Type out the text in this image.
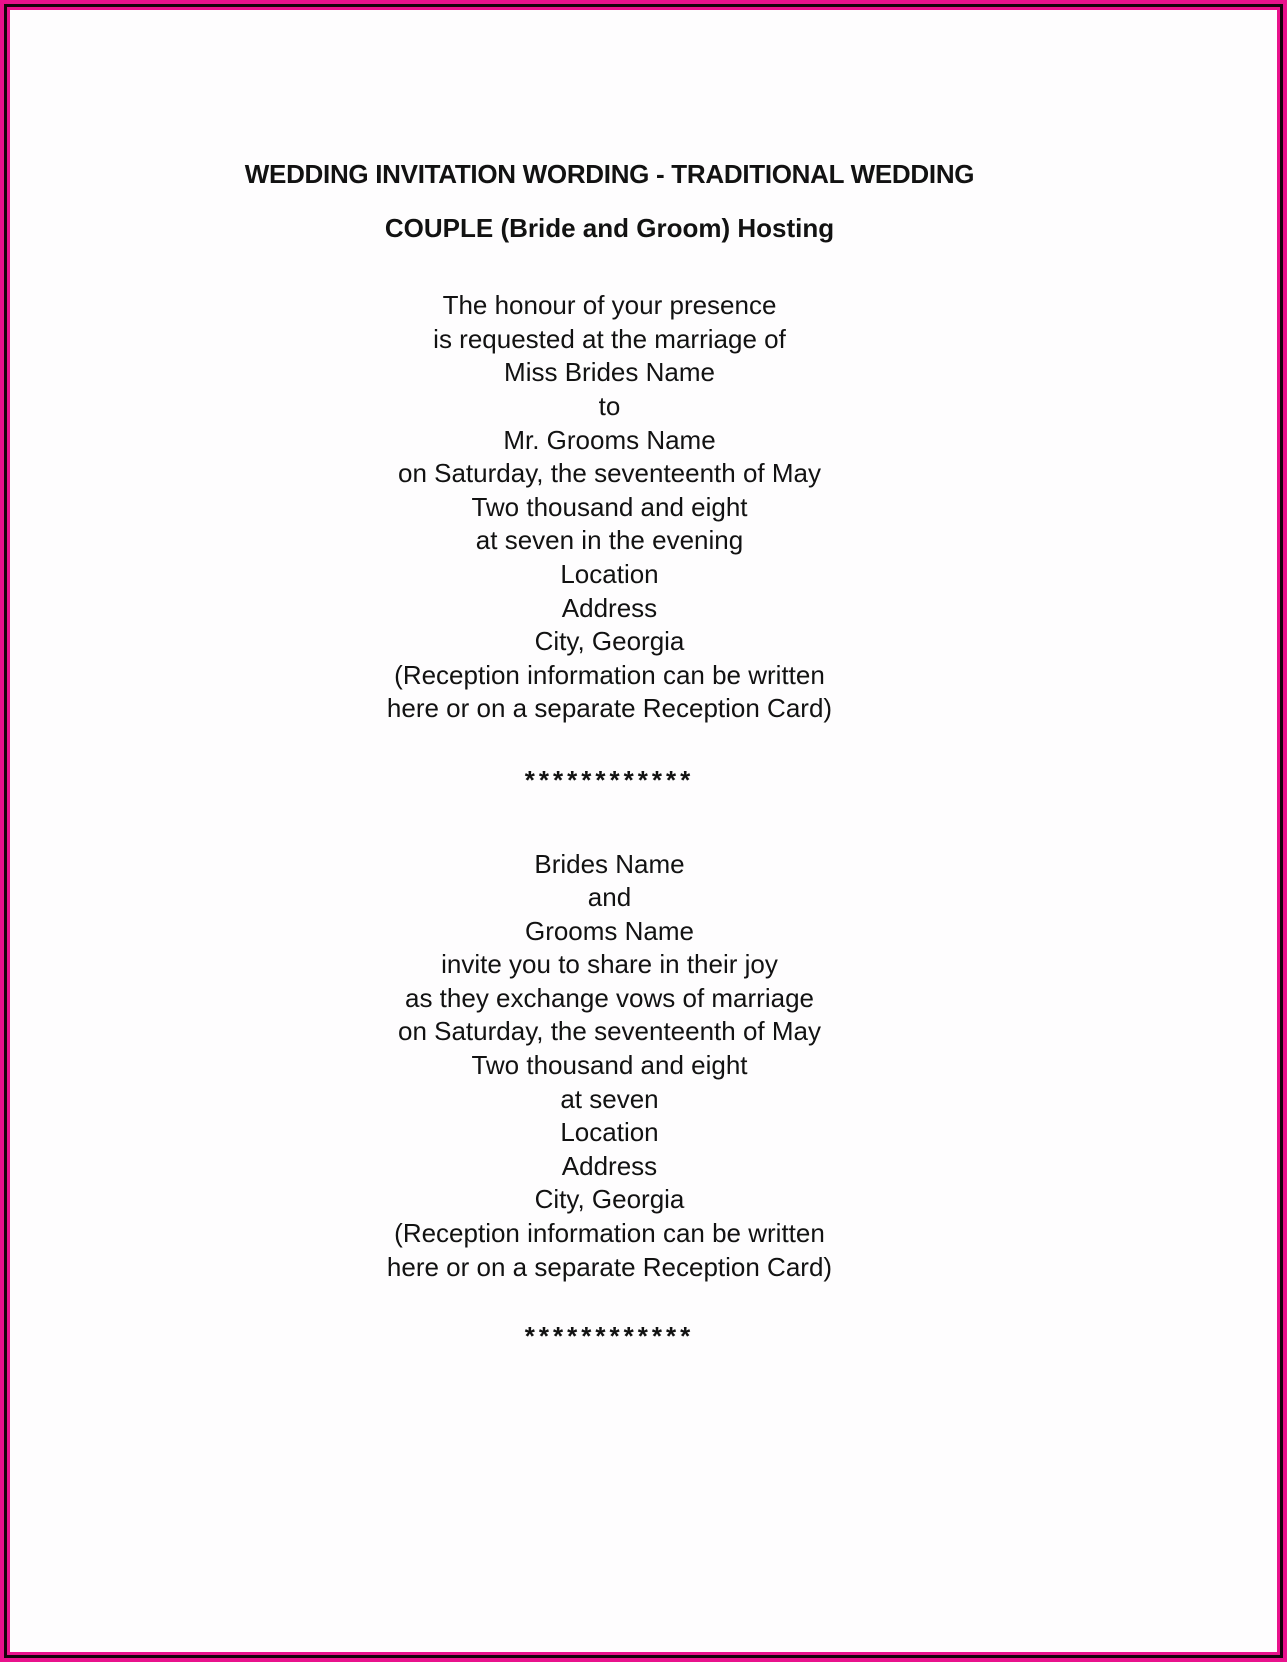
WEDDING INVITATION WORDING - TRADITIONAL WEDDING
COUPLE (Bride and Groom) Hosting

The honour of your presence

is requested at the marriage of

Miss Brides Name

to

Mr. Grooms Name

on Saturday, the seventeenth of May

Two thousand and eight

at seven in the evening

Location

Address

City, Georgia

(Reception information can be written

here or on a separate Reception Card)

************

Brides Name

and

Grooms Name

invite you to share in their joy

as they exchange vows of marriage

on Saturday, the seventeenth of May

Two thousand and eight

at seven

Location

Address

City, Georgia

(Reception information can be written

here or on a separate Reception Card)

************
